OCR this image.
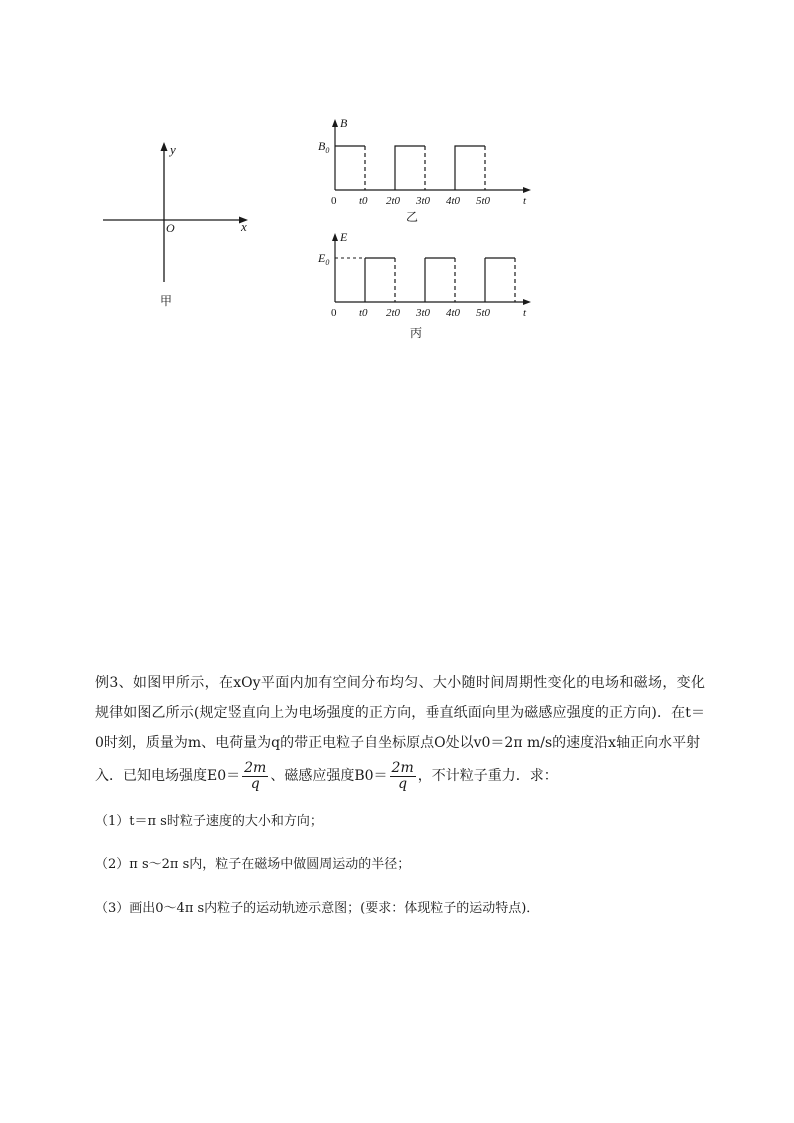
x
y
O
甲
B
$B_0$
0 t0 2t0 3t0 4t0 5t0	t
乙
E
$E_0$
0 t0 2t0 3t0 4t0 5t0	t
丙

例3、如图甲所示，在xOy平面内加有空间分布均匀、大小随时间周期性变化的电场和磁场，变化规律如图乙所示(规定竖直向上为电场强度的正方向，垂直纸面向里为磁感应强度的正方向)．在t＝0时刻，质量为m、电荷量为q的带正电粒子自坐标原点O处以v0＝2π m/s的速度沿x轴正向水平射

入．已知电场强度$E0= \frac{2m}{q}$ 、磁感应强度$B0= \frac{2m}{q}$ ，不计粒子重力．求：

（1）t＝π s时粒子速度的大小和方向；
（2）π s～2π s内，粒子在磁场中做圆周运动的半径；
（3）画出0～4π s内粒子的运动轨迹示意图；(要求：体现粒子的运动特点)．
